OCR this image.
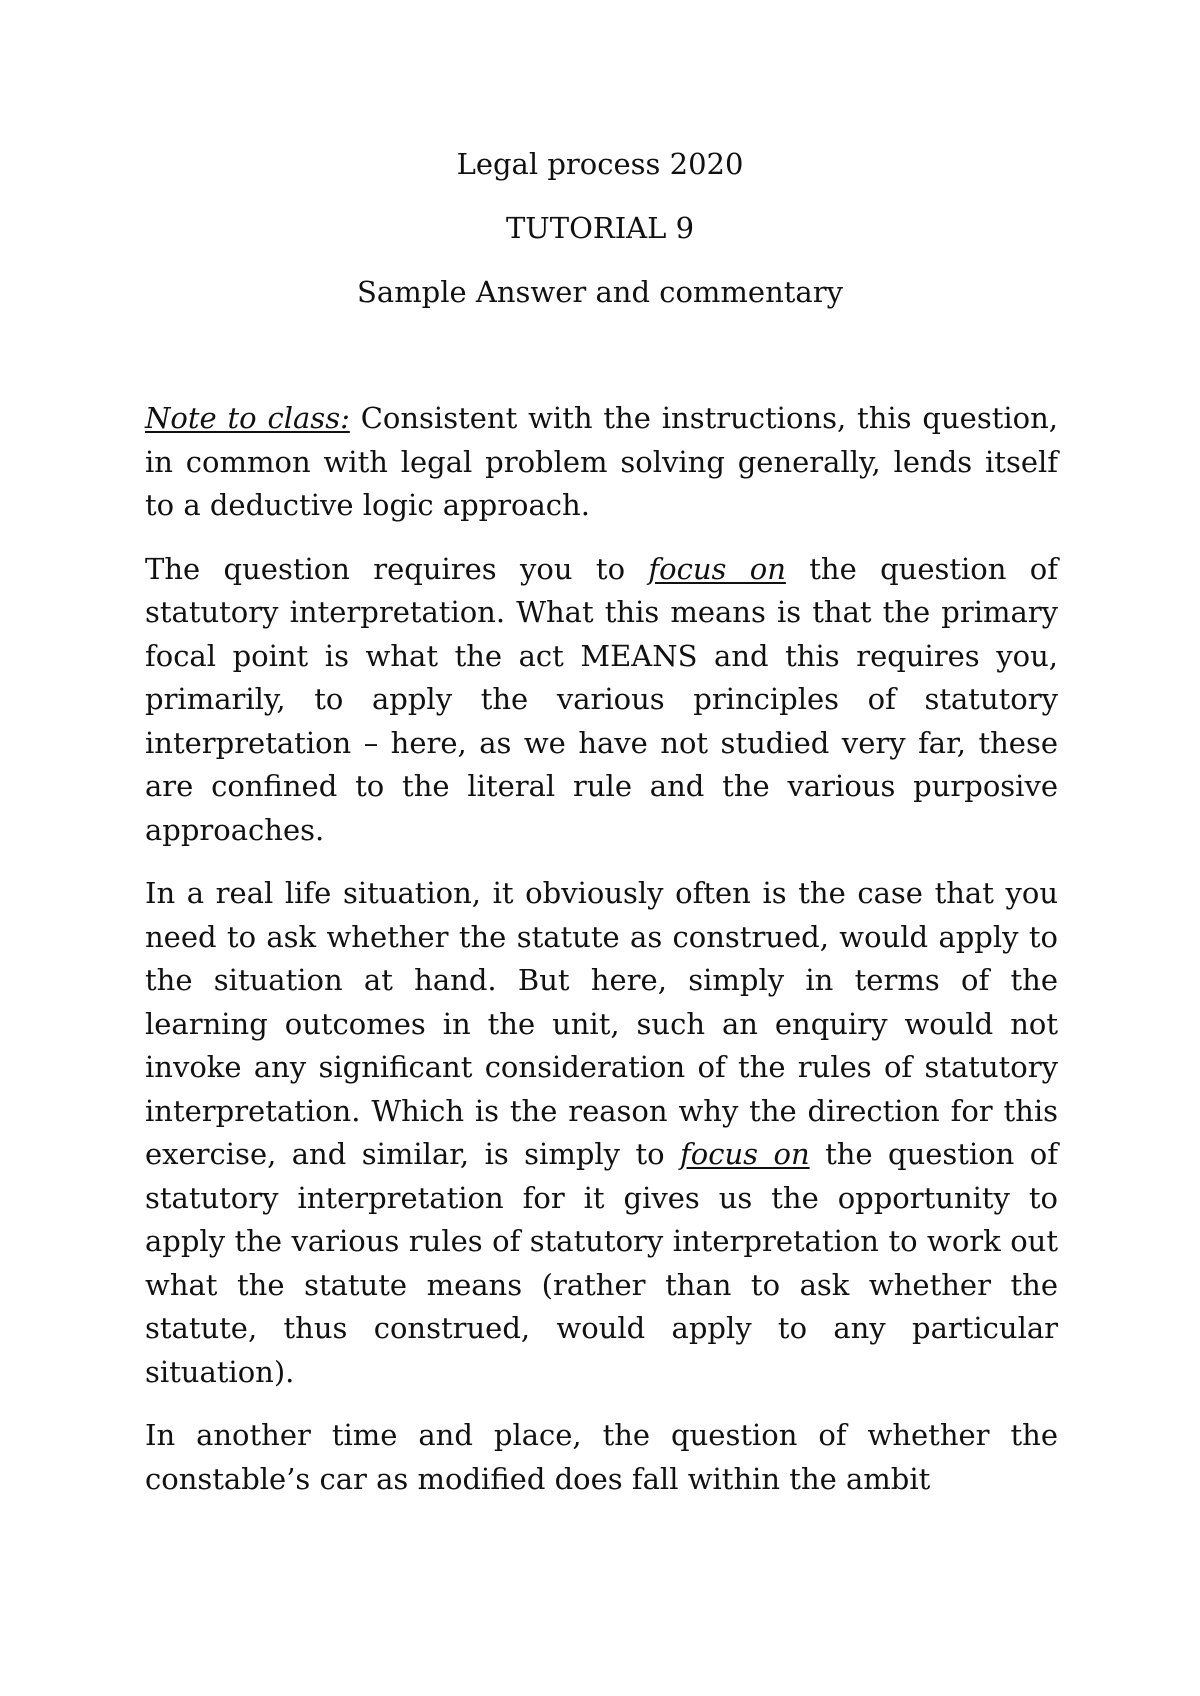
Legal process 2020
TUTORIAL 9
Sample Answer and commentary

Note to class: Consistent with the instructions, this question, in common with legal problem solving generally, lends itself to a deductive logic approach.

The question requires you to focus on the question of statutory interpretation. What this means is that the primary focal point is what the act MEANS and this requires you, primarily, to apply the various principles of statutory interpretation – here, as we have not studied very far, these are confined to the literal rule and the various purposive approaches.

In a real life situation, it obviously often is the case that you need to ask whether the statute as construed, would apply to the situation at hand. But here, simply in terms of the learning outcomes in the unit, such an enquiry would not invoke any significant consideration of the rules of statutory interpretation. Which is the reason why the direction for this exercise, and similar, is simply to focus on the question of statutory interpretation for it gives us the opportunity to apply the various rules of statutory interpretation to work out what the statute means (rather than to ask whether the statute, thus construed, would apply to any particular situation).

In another time and place, the question of whether the constable’s car as modified does fall within the ambit
